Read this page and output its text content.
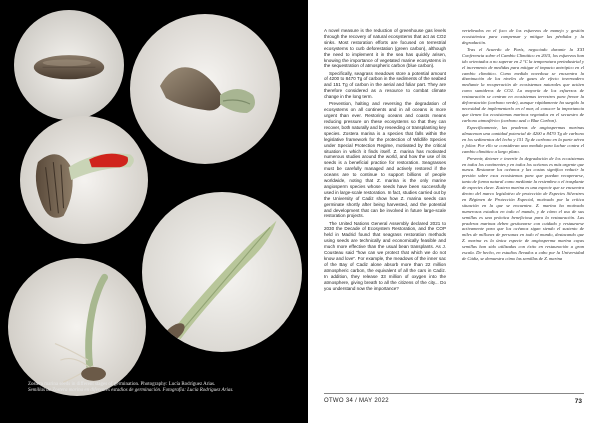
Zostera marina seeds in different stages of germination. Photography: Lucía Rodríguez Arias.

Semillas de Zostera marina en diferentes estadios de germinación. Fotografía: Lucía Rodríguez Arias.

A novel measure is the reduction of greenhouse gas levels through the recovery of natural ecosystems that act as CO2 sinks. Most restoration efforts are focused on terrestrial ecosystems to curb deforestation (green carbon), although the need to implement it in the sea has quickly arisen, knowing the importance of vegetated marine ecosystems in the sequestration of atmospheric carbon (blue carbon).

Specifically, seagrass meadows store a potential amount of 4200 to 8470 Tg of carbon in the sediments of the seabed and 151 Tg of carbon in the aerial and foliar part. They are therefore considered as a resource to combat climate change in the long term.

Prevention, halting and reversing the degradation of ecosystems on all continents and in all oceans is more urgent than ever. Restoring oceans and coasts means reducing pressure on these ecosystems so that they can recover, both naturally and by reseeding or transplanting key species. Zostera marina is a species that falls within the legislative framework for the protection of Wildlife Species under Special Protection Regime, motivated by the critical situation in which it finds itself. Z. marina has motivated numerous studies around the world, and how the use of its seeds is a beneficial practice for restoration. Seagrasses must be carefully managed and actively restored if the oceans are to continue to support billions of people worldwide, noting that Z. marina is the only marine angiosperm species whose seeds have been successfully used in large-scale restoration. In fact, studies carried out by the University of Cadiz show how Z. marina seeds can germinate shortly after being harvested, and the potential and development that can be involved in future large-scale restoration projects.

The United Nations General Assembly declared 2021 to 2030 the Decade of Ecosystem Restoration, and the COP held in Madrid found that seagrass restoration methods using seeds are technically and economically feasible and much more effective than the usual bean transplants. As J. Cousteau said "how can we protect that which we do not know and love". For example, the meadows of the inner sac of the Bay of Cadiz alone absorb more than 22 million atmospheric carbon, the equivalent of all the cars in Cadiz. In addition, they release 33 million of oxygen into the atmosphere, giving breath to all the citizens of the city... Do you understand now the importance?

vertebrados en el foco de los esfuerzos de manejo y gestión ecosistémica para compensar y mitigar las pérdidas y la degradación.

Tras el Acuerdo de París, negociado durante la XXI Conferencia sobre el Cambio Climático en 2015, los esfuerzos han ido orientados a no superar en 2 °C la temperatura preindustrial y el incremento de medidas para mitigar el impacto antrópico en el cambio climático. Como medida novedosa se encuentra la disminución de los niveles de gases de efecto invernadero mediante la recuperación de ecosistemas naturales que actúen como sumideros de CO2. La mayoría de los esfuerzos de restauración se centran en ecosistemas terrestres para frenar la deforestación (carbono verde), aunque rápidamente ha surgido la necesidad de implementarlo en el mar, al conocer la importancia que tienen los ecosistemas marinos vegetados en el secuestro de carbono atmosférico (carbono azul o Blue Carbon).

Específicamente, las praderas de angiospermas marinas almacenan una cantidad potencial de 4200 a 8470 Tg de carbono en los sedimentos del lecho y 151 Tg de carbono en la parte aérea y foliar. Por ello se consideran una medida para luchar contra el cambio climático a largo plazo.

Prevenir, detener e invertir la degradación de los ecosistemas en todos los continentes y en todos los océanos es más urgente que nunca. Restaurar los océanos y las costas significa reducir la presión sobre esos ecosistemas para que puedan recuperarse, tanto de forma natural como mediante la resiembra o el trasplante de especies clave. Zostera marina es una especie que se encuentra dentro del marco legislativo de protección de Especies Silvestres en Régimen de Protección Especial, motivado por la crítica situación en la que se encuentra. Z. marina ha motivado numerosos estudios en todo el mundo, y de cómo el uso de sus semillas es una práctica beneficiosa para la restauración. Las praderas marinas deben gestionarse con cuidado y restaurarse activamente para que los océanos sigan siendo el sustento de miles de millones de personas en todo el mundo, destacando que Z. marina es la única especie de angiosperma marina cuyas semillas han sido utilizadas con éxito en restauración a gran escala. De hecho, en estudios llevados a cabo por la Universidad de Cádiz, se demuestra cómo las semillas de Z. marina

OTWO 34 / MAY 2022	73
